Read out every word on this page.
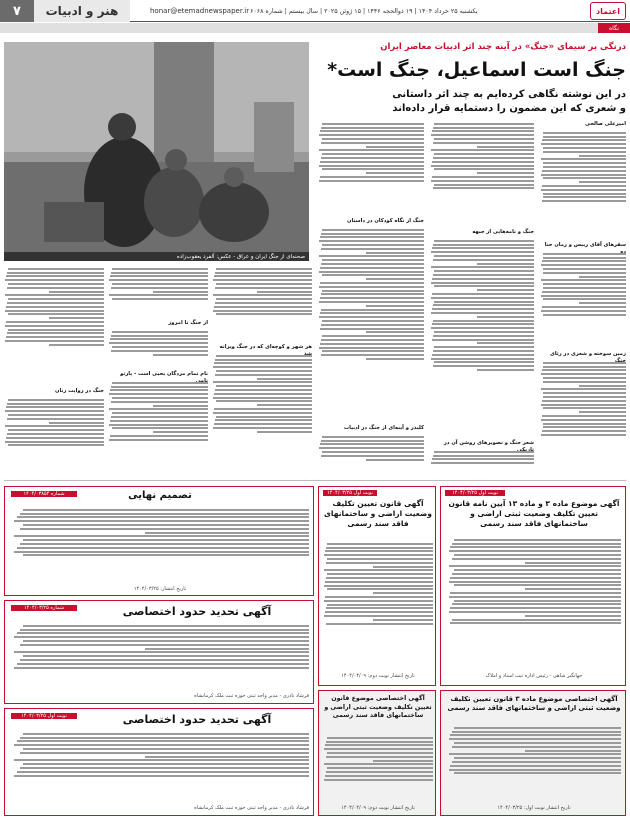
۷	هنر و ادبیات	honar@etemadnewspaper.ir یکشنبه ۲۵ خرداد ۱۴۰۴ | ۱۹ ذوالحجه ۱۴۴۶ | ۱۵ ژوئن ۲۰۲۵ | سال بیستم | شماره ۶۰۶۸	اعتماد
نگاه
صحنه‌ای از جنگ ایران و عراق - عکس: آلفرد یعقوب‌زاده
درنگی بر سیمای «جنگ» در آینه چند اثر ادبیات معاصر ایران
جنگ است اسماعیل، جنگ است*
در این نوشته نگاهی کرده‌ایم به چند اثر داستانی
و شعری که این مضمون را دستمایه قرار داده‌اند
امیرعلی صالحی
سفرهای آقای رییس و رمان حنا
زمین سوخته و شعری در رثای
جنگ و نامه‌هایی از جبهه
شعر جنگ و تصویرهای روشن آن در
جنگ از نگاه کودکان در داستان
کلیدر و آینه‌ای از جنگ در ادبیات
هر شهر و کوچه‌ای که در جنگ ویرانه
از جنگ تا امروز
نام تمام مردگان یحیی است - پارتو
جنگ در روایت زنان
نوبت اول ۱۴۰۴/۰۳/۲۵
آگهی موضوع ماده ۳ و ماده ۱۳ آیین نامه قانون تعیین تکلیف وضعیت ثبتی اراضی و ساختمانهای فاقد سند رسمی
جهانگیر شاهی - رئیس اداره ثبت اسناد و املاک
آگهی اختصاصی موضوع ماده ۳ قانون تعیین تکلیف وضعیت ثبتی اراضی و ساختمانهای فاقد سند رسمی
تاریخ انتشار نوبت اول: ۱۴۰۴/۰۳/۲۵
نوبت اول ۱۴۰۴/۰۳/۲۵
آگهی قانون تعیین تکلیف وضعیت اراضی و ساختمانهای فاقد سند رسمی
تاریخ انتشار نوبت دوم: ۱۴۰۴/۰۴/۰۹
آگهی اختصاصی موضوع قانون تعیین تکلیف وضعیت ثبتی اراضی و ساختمانهای فاقد سند رسمی
تاریخ انتشار نوبت دوم: ۱۴۰۴/۰۴/۰۹
شماره ۱۴۰۴/۰۳۸۵۴	تصمیم نهایی
تاریخ انتشار: ۱۴۰۴/۰۳/۲۵
شماره ۱۴۰۴/۰۳/۲۵	آگهی تحدید حدود اختصاصی
فرشاد نادری - مدیر واحد ثبتی حوزه ثبت ملک کرمانشاه
نوبت اول ۱۴۰۴/۰۳/۲۵	آگهی تحدید حدود اختصاصی
فرشاد نادری - مدیر واحد ثبتی حوزه ثبت ملک کرمانشاه
